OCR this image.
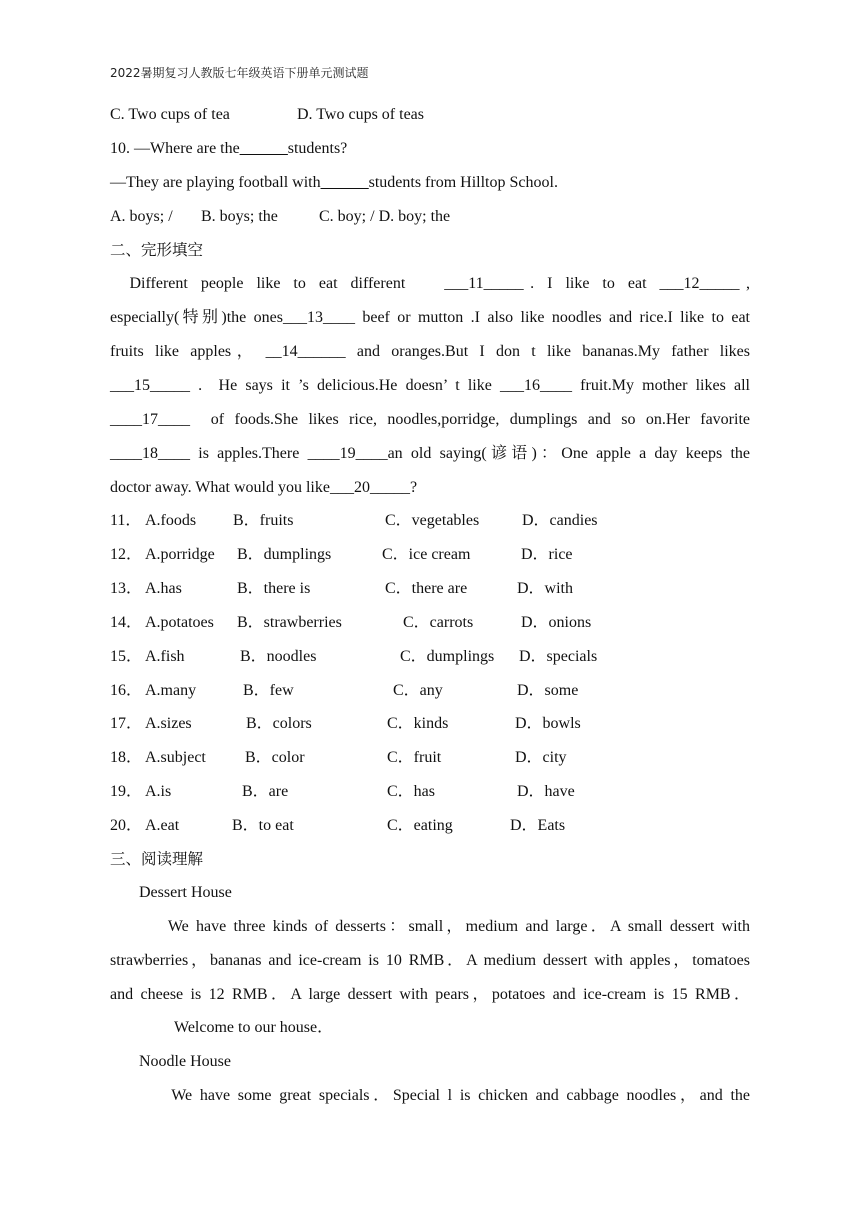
2022暑期复习人教版七年级英语下册单元测试题
C. Two cups of tea	D. Two cups of teas
10. —Where are the______students?
—They are playing football with______students from Hilltop School.
A. boys; / B. boys; the	C. boy; / D. boy; the
二、完形填空
Different  people  like  to  eat  different      ___11_____ .  I  like  to  eat  ___12_____ ,
especially(特别)the ones___13____ beef or mutton .I also like noodles and rice.I like to eat
fruits  like  apples ，  __14______  and  oranges.But  I  don  t  like  bananas.My  father  likes
___15_____ .  He says it ’s delicious.He doesn’ t like ___16____ fruit.My mother likes all
____17____  of foods.She likes rice, noodles,porridge, dumplings and so on.Her favorite
____18____ is apples.There ____19____an old saying(谚语)：One apple a day keeps the
doctor away. What would you like___20_____?
11． A.foods B．fruits	C．vegetables	D．candies
12． A.porridge B．dumplings	C．ice cream	D．rice
13． A.has	B．there is	C．there are	D．with
14． A.potatoes B．strawberries	C．carrots	D．onions
15． A.fish	B．noodles	C．dumplings D．specials
16． A.many	B．few	C．any	D．some
17． A.sizes	B．colors	C．kinds	D．bowls
18． A.subject B．color	C．fruit	D．city
19． A.is	B．are	C．has	D．have
20． A.eat	B．to eat	C．eating	D．Eats
三、阅读理解
Dessert House
We have three kinds of desserts：small，medium and large．A small dessert with
strawberries，bananas and ice-cream is 10 RMB．A medium dessert with apples，tomatoes
and cheese is 12 RMB．A large dessert with pears，potatoes and ice-cream is 15 RMB．
Welcome to our house．
Noodle House
We have some great specials．Special l is chicken and cabbage noodles，and the
